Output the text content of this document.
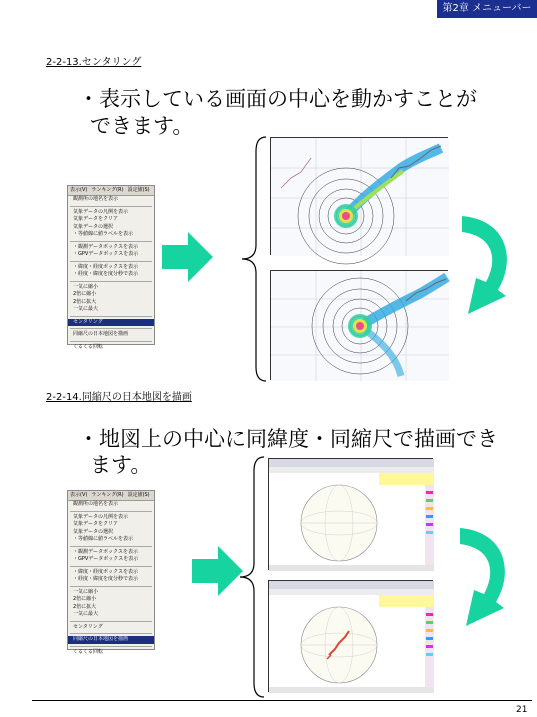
第2章 メニューバー
2-2-13.センタリング
・表示している画面の中心を動かすことが
できます。
表示(V) ランキング(R) 設定値(S)
観測所の地名を表示
気象データの凡例を表示
気象データをクリア
気象データの選択
・等値線に値ラベルを表示
・観測データボックスを表示
・GPVデータボックスを表示
・緯度・経度ボックスを表示
・経度・緯度を度分秒で表示
一気に縮小
2倍に縮小
2倍に拡大
一気に最大
センタリング
同縮尺の日本地図を描画
くるくる回転
2-2-14.同縮尺の日本地図を描画
・地図上の中心に同緯度・同縮尺で描画でき
ます。
表示(V) ランキング(R) 設定値(S)
観測所の地名を表示
気象データの凡例を表示
気象データをクリア
気象データの選択
・等値線に値ラベルを表示
・観測データボックスを表示
・GPVデータボックスを表示
・緯度・経度ボックスを表示
・経度・緯度を度分秒で表示
一気に縮小
2倍に縮小
2倍に拡大
一気に最大
センタリング
同縮尺の日本地図を描画
くるくる回転
21
